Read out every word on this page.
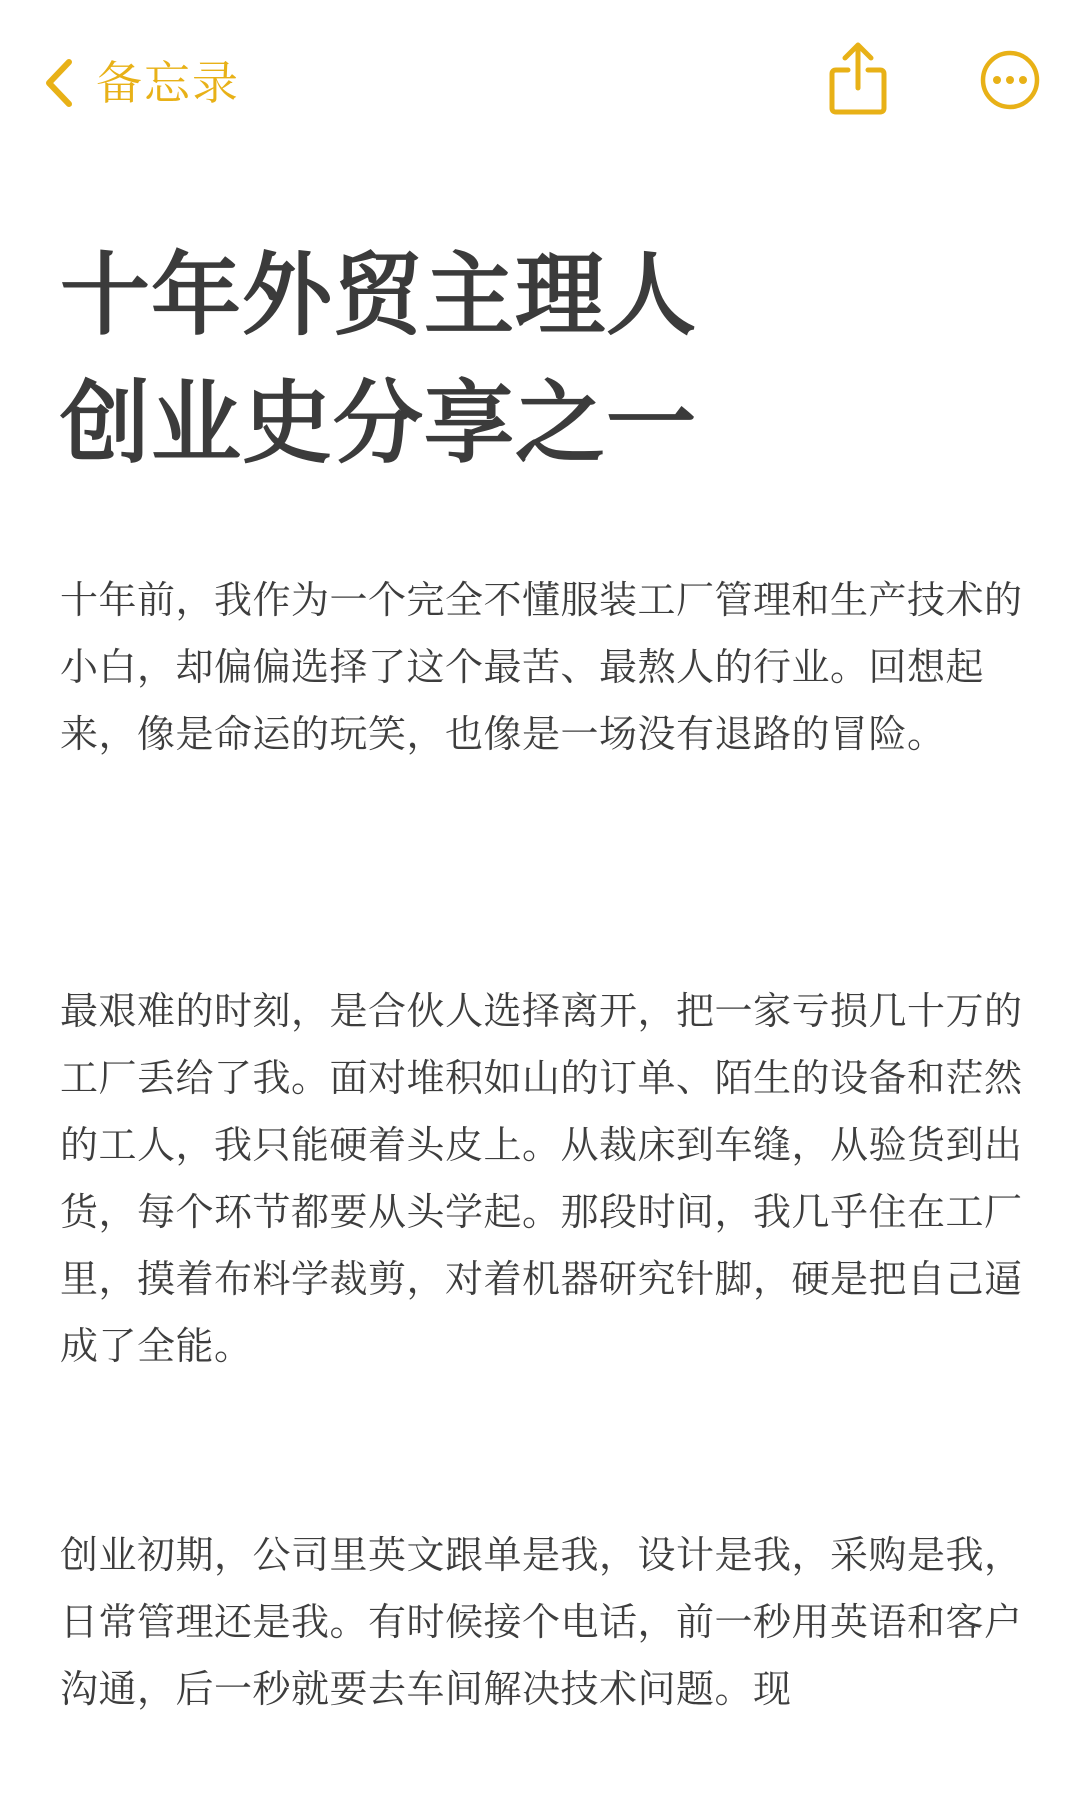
备忘录
十年外贸主理人
创业史分享之一

十年前，我作为一个完全不懂服装工厂管理和生产技术的小白，却偏偏选择了这个最苦、最熬人的行业。回想起来，像是命运的玩笑，也像是一场没有退路的冒险。

最艰难的时刻，是合伙人选择离开，把一家亏损几十万的工厂丢给了我。面对堆积如山的订单、陌生的设备和茫然的工人，我只能硬着头皮上。从裁床到车缝，从验货到出货，每个环节都要从头学起。那段时间，我几乎住在工厂里，摸着布料学裁剪，对着机器研究针脚，硬是把自己逼成了全能。

创业初期，公司里英文跟单是我，设计是我，采购是我，日常管理还是我。有时候接个电话，前一秒用英语和客户沟通，后一秒就要去车间解决技术问题。现
